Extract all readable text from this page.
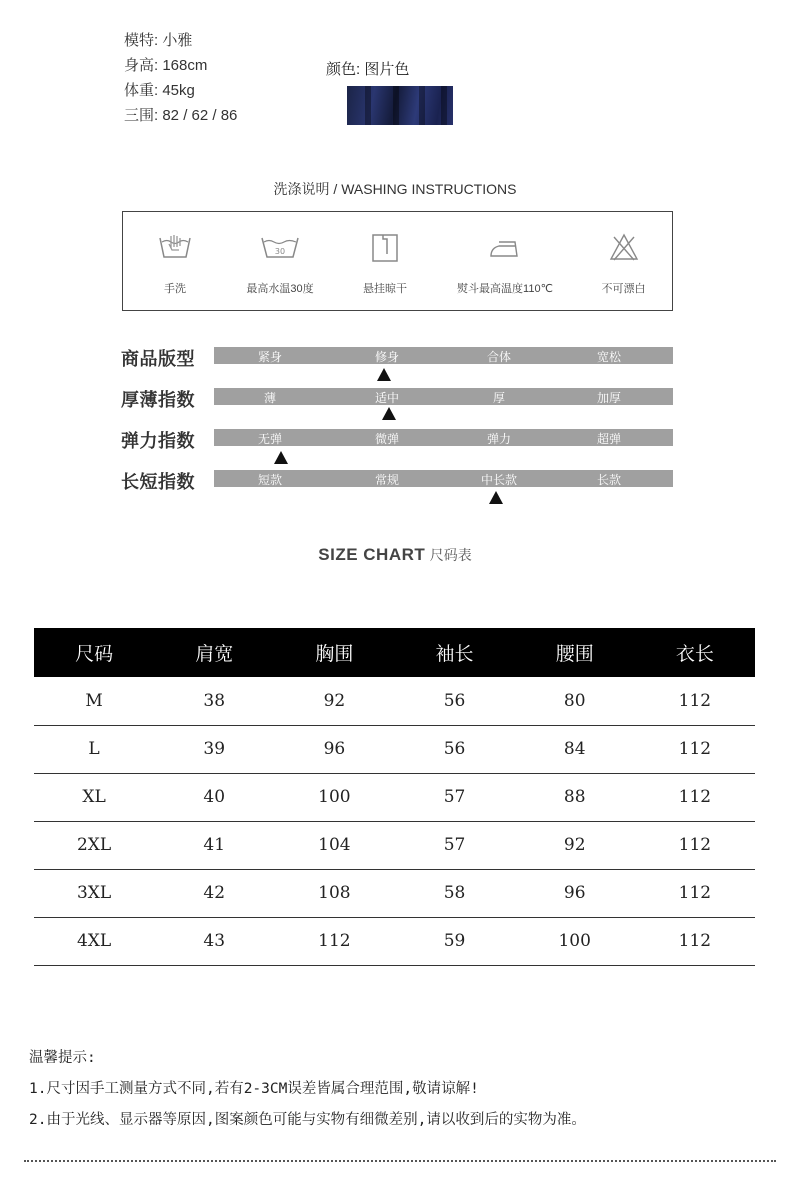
模特: 小雅
身高: 168cm
体重: 45kg
三围: 82 / 62 / 86
颜色: 图片色
洗涤说明 / WASHING INSTRUCTIONS
手洗
30
最高水温30度	悬挂晾干	熨斗最高温度110℃	不可漂白
商品版型	紧身	修身	合体	宽松
厚薄指数	薄	适中	厚	加厚
弹力指数	无弹	微弹	弹力	超弹
长短指数	短款	常规	中长款	长款
SIZE CHART 尺码表
尺码	肩宽	胸围	袖长	腰围	衣长
M	38	92	56	80	112
L	39	96	56	84	112
XL	40	100	57	88	112
2XL	41	104	57	92	112
3XL	42	108	58	96	112
4XL	43	112	59	100	112
温馨提示:
1.尺寸因手工测量方式不同,若有2-3CM误差皆属合理范围,敬请谅解!
2.由于光线、显示器等原因,图案颜色可能与实物有细微差别,请以收到后的实物为准。
